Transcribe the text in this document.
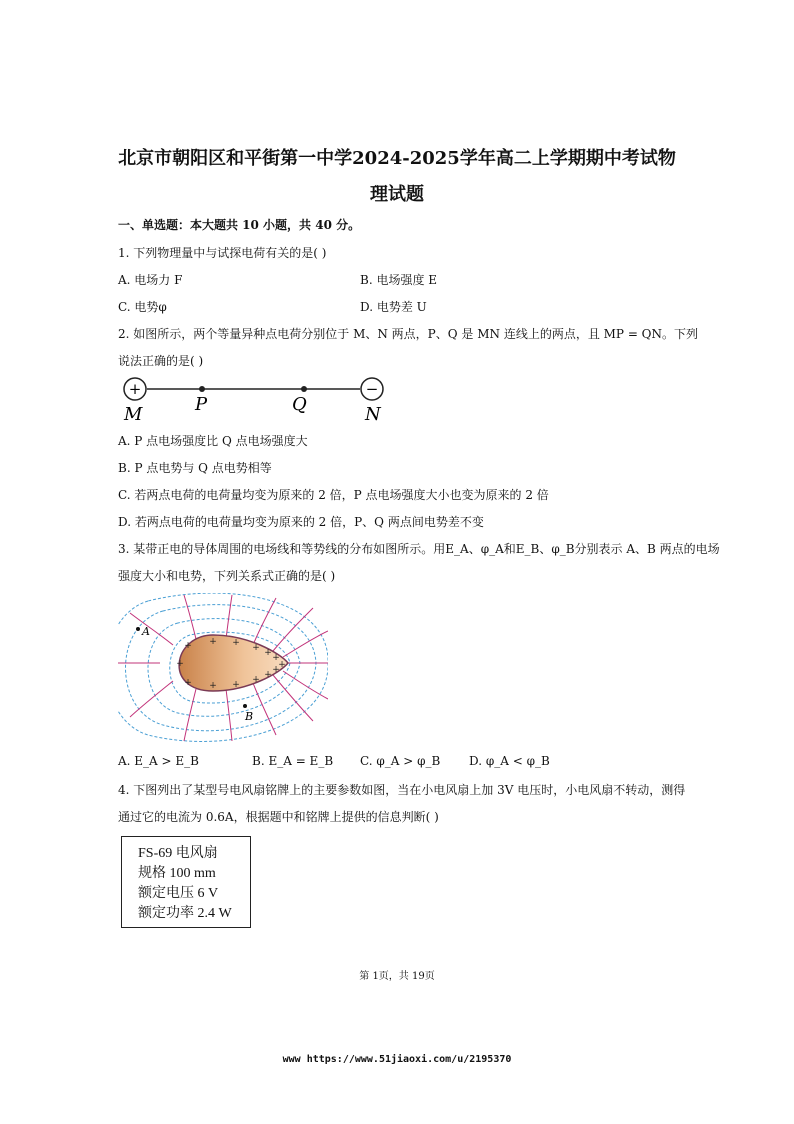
北京市朝阳区和平街第一中学2024-2025学年高二上学期期中考试物
理试题
一、单选题：本大题共 10 小题，共 40 分。
1. 下列物理量中与试探电荷有关的是( )
A. 电场力 F	B. 电场强度 E
C. 电势φ	D. 电势差 U
2. 如图所示，两个等量异种点电荷分别位于 M、N 两点，P、Q 是 MN 连线上的两点，且 MP = QN。下列
说法正确的是( )
+	−
M	P	Q	N
A. P 点电场强度比 Q 点电场强度大
B. P 点电势与 Q 点电势相等
C. 若两点电荷的电荷量均变为原来的 2 倍，P 点电场强度大小也变为原来的 2 倍
D. 若两点电荷的电荷量均变为原来的 2 倍，P、Q 两点间电势差不变
3. 某带正电的导体周围的电场线和等势线的分布如图所示。用E_A、φ_A和E_B、φ_B分别表示 A、B 两点的电场
强度大小和电势，下列关系式正确的是( )
+
+
+
+
+
+
+
+
+
+
+
+
+
+
A
B
A. E_A > E_B	B. E_A = E_B C. φ_A > φ_B D. φ_A < φ_B
4. 下图列出了某型号电风扇铭牌上的主要参数如图，当在小电风扇上加 3V 电压时，小电风扇不转动，测得
通过它的电流为 0.6A，根据题中和铭牌上提供的信息判断( )
FS-69 电风扇
规格 100 mm
额定电压 6 V
额定功率 2.4 W
第 1页，共 19页
www https://www.51jiaoxi.com/u/2195370
